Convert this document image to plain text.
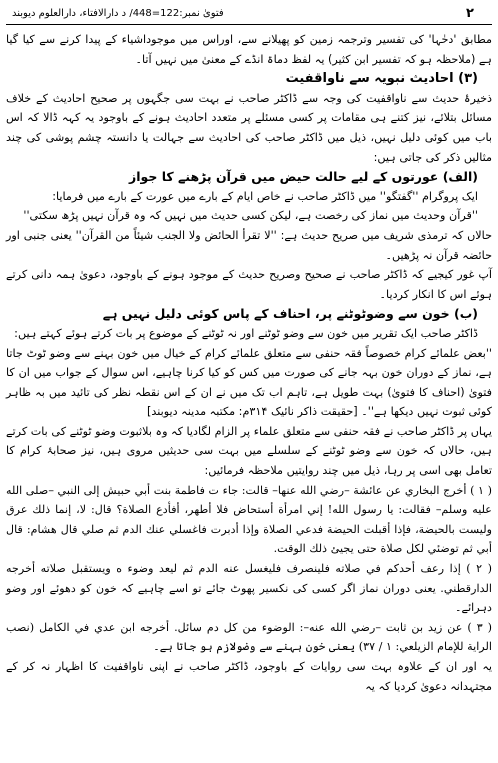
فتویٰ نمبر:122=448/ د دارالافتاء، دارالعلوم دیوبند	۲

مطابق 'دحٰہا' کی تفسیر وترجمہ زمین کو پھیلانے سے، اوراس میں موجوداشیاء کے پیدا کرنے سے کیا گیا ہے (ملاحظہ ہو کہ تفسیر ابن کثیر) یہ لفظ دماۃ انڈے کے معنیٰ میں نہیں آتا۔

(۳) احادیث نبویہ سے ناواقفیت

ذخیرۂ حدیث سے ناواقفیت کی وجہ سے ڈاکٹر صاحب نے بہت سی جگہوں پر صحیح احادیث کے خلاف مسائل بتلائے، نیز کتنے ہی مقامات پر کسی مسئلے پر متعدد احادیث ہونے کے باوجود یہ کہہ ڈالا کہ اس باب میں کوئی دلیل نہیں، ذیل میں ڈاکٹر صاحب کی احادیث سے جہالت یا دانستہ چشم پوشی کی چند مثالیں ذکر کی جاتی ہیں:

(الف) عورتوں کے لیے حالت حیض میں قرآن پڑھنے کا جواز

ایک پروگرام ''گفتگو'' میں ڈاکٹر صاحب نے خاص ایام کے بارے میں عورت کے بارے میں فرمایا:

''قرآن وحدیث میں نماز کی رخصت ہے، لیکن کسی حدیث میں نہیں کہ وہ قرآن نہیں پڑھ سکتی''

حالاں کہ ترمذی شریف میں صریح حدیث ہے: ''لا تقرأ الحائض ولا الجنب شیئاً من القرآن'' یعنی جنبی اور حائضہ قرآن نہ پڑھیں۔

آپ غور کیجیے کہ ڈاکٹر صاحب نے صحیح وصریح حدیث کے موجود ہونے کے باوجود، دعویٰ ہمہ دانی کرتے ہوئے اس کا انکار کردیا۔

(ب) خون سے وضوٹوٹنے پر، احناف کے پاس کوئی دلیل نہیں ہے

ڈاکٹر صاحب ایک تقریر میں خون سے وضو ٹوٹنے اور نہ ٹوٹنے کے موضوع پر بات کرتے ہوئے کہتے ہیں:

''بعض علمائے کرام خصوصاً فقہ حنفی سے متعلق علمائے کرام کے خیال میں خون بہنے سے وضو ٹوٹ جاتا ہے، نماز کے دوران خون بہہ جانے کی صورت میں کس کو کیا کرنا چاہیے، اس سوال کے جواب میں ان کا فتویٰ (احناف کا فتویٰ) بہت طویل ہے، تاہم اب تک میں نے ان کے اس نقطہ نظر کی تائید میں بہ ظاہر کوئی ثبوت نہیں دیکھا ہے''۔ [حقیقت ذاکر نائیک ۳۱۴م: مکتبہ مدینہ دیوبند]

یہاں پر ڈاکٹر صاحب نے فقہ حنفی سے متعلق علماء پر الزام لگادیا کہ وہ بلاثبوت وضو ٹوٹنے کی بات کرتے ہیں، حالاں کہ خون سے وضو ٹوٹنے کے سلسلے میں بہت سی حدیثیں مروی ہیں، نیز صحابۂ کرام کا تعامل بھی اسی پر رہا، ذیل میں چند روایتیں ملاحظہ فرمائیں:

( ۱ ) أخرج البخاري عن عائشة –رضي الله عنها– قالت: جاء ت فاطمة بنت أبي حبيش إلى النبي –صلى الله عليه وسلم– فقالت: يا رسول الله! إني امرأة أستحاض فلا أطهر، أفأدع الصلاة؟ قال: لا، إنما ذلك عرق وليست بالحيضة، فإذا أقبلت الحيضة فدعي الصلاة وإذا أدبرت فاغسلي عنك الدم ثم صلي قال هشام: قال أبي ثم توضئي لكل صلاة حتى يجيئ ذلك الوقت.

( ۲ ) إذا رعف أحدكم في صلاته فلينصرف فليغسل عنه الدم ثم ليعد وضوء ه ويستقبل صلاته أخرجه الدارقطني. یعنی دوران نماز اگر کسی کی نکسیر پھوٹ جائے تو اسے چاہیے کہ خون کو دھوئے اور وضو دہرائے۔

( ۳ ) عن زيد بن ثابت –رضي الله عنه–: الوضوء من كل دم سائل. أخرجه ابن عدي في الكامل (نصب الراية للإمام الزيلعي: ۱ / ۳۷) یعنی خون بہنے سے وضولازم ہو جاتا ہے۔

یہ اور ان کے علاوہ بہت سی روایات کے باوجود، ڈاکٹر صاحب نے اپنی ناواقفیت کا اظہار نہ کر کے مجتہدانہ دعویٰ کردیا کہ یہ
